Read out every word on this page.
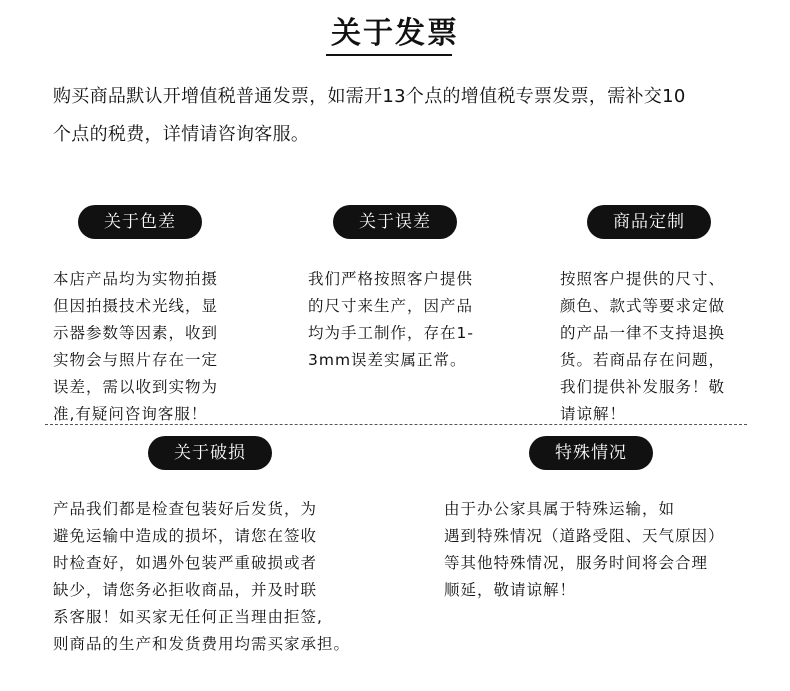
关于发票
购买商品默认开增值税普通发票，如需开13个点的增值税专票发票，需补交10
个点的税费，详情请咨询客服。
关于色差
本店产品均为实物拍摄
但因拍摄技术光线，显
示器参数等因素，收到
实物会与照片存在一定
误差，需以收到实物为
准,有疑问咨询客服！
关于误差
我们严格按照客户提供
的尺寸来生产，因产品
均为手工制作，存在1-
3mm误差实属正常。
商品定制
按照客户提供的尺寸、
颜色、款式等要求定做
的产品一律不支持退换
货。若商品存在问题，
我们提供补发服务！敬
请谅解！
关于破损
产品我们都是检查包装好后发货，为
避免运输中造成的损坏，请您在签收
时检查好，如遇外包装严重破损或者
缺少，请您务必拒收商品，并及时联
系客服！如买家无任何正当理由拒签,
则商品的生产和发货费用均需买家承担。
特殊情况
由于办公家具属于特殊运输，如
遇到特殊情况（道路受阻、天气原因）
等其他特殊情况，服务时间将会合理
顺延，敬请谅解！
